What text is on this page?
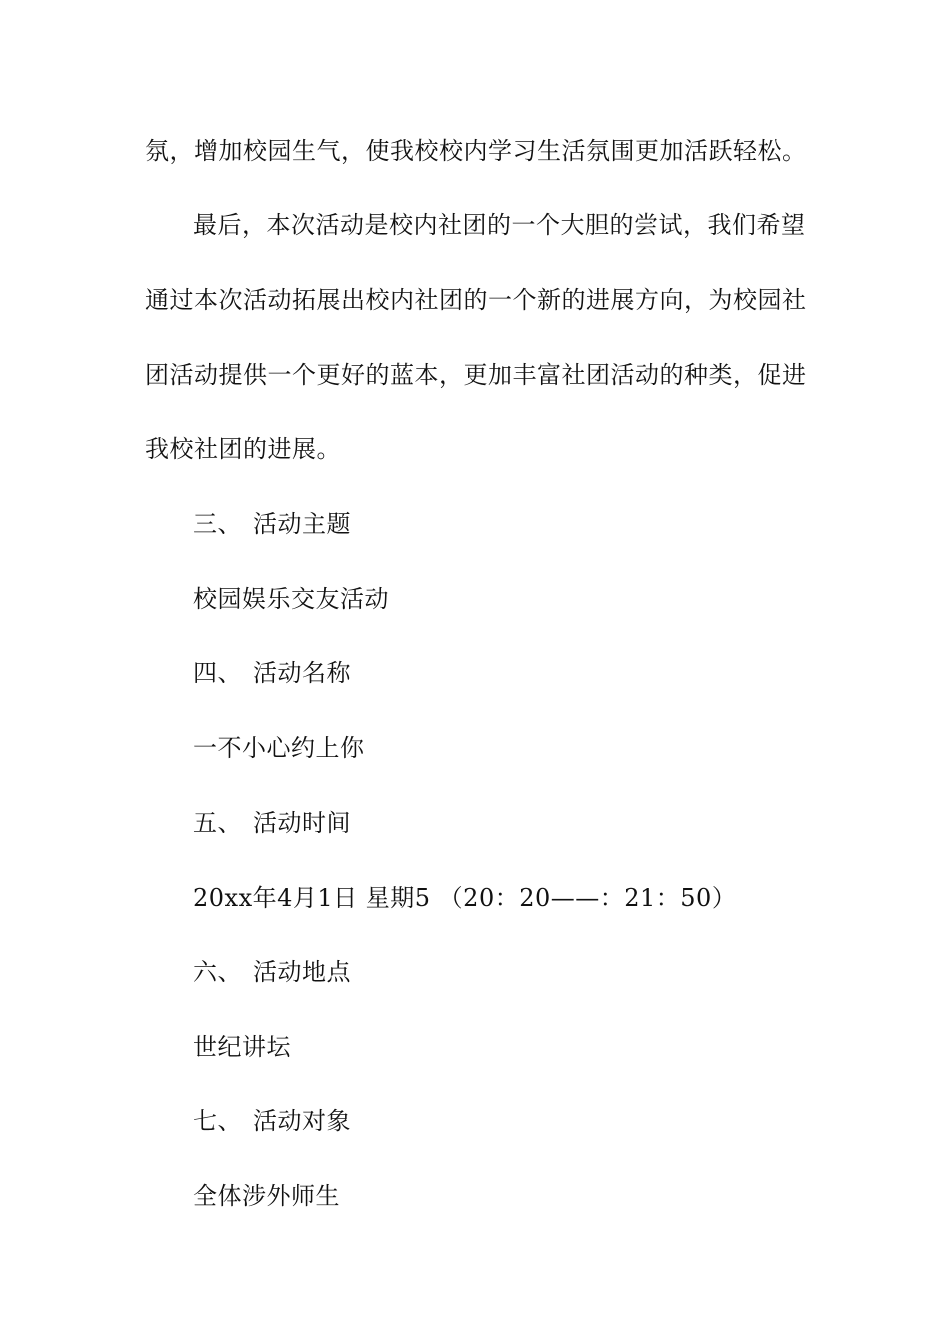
氛，增加校园生气，使我校校内学习生活氛围更加活跃轻松。
最后，本次活动是校内社团的一个大胆的尝试，我们希望
通过本次活动拓展出校内社团的一个新的进展方向，为校园社
团活动提供一个更好的蓝本，更加丰富社团活动的种类，促进
我校社团的进展。
三、 活动主题
校园娱乐交友活动
四、 活动名称
一不小心约上你
五、 活动时间
20xx年4月1日 星期5 （20：20——：21：50）
六、 活动地点
世纪讲坛
七、 活动对象
全体涉外师生
